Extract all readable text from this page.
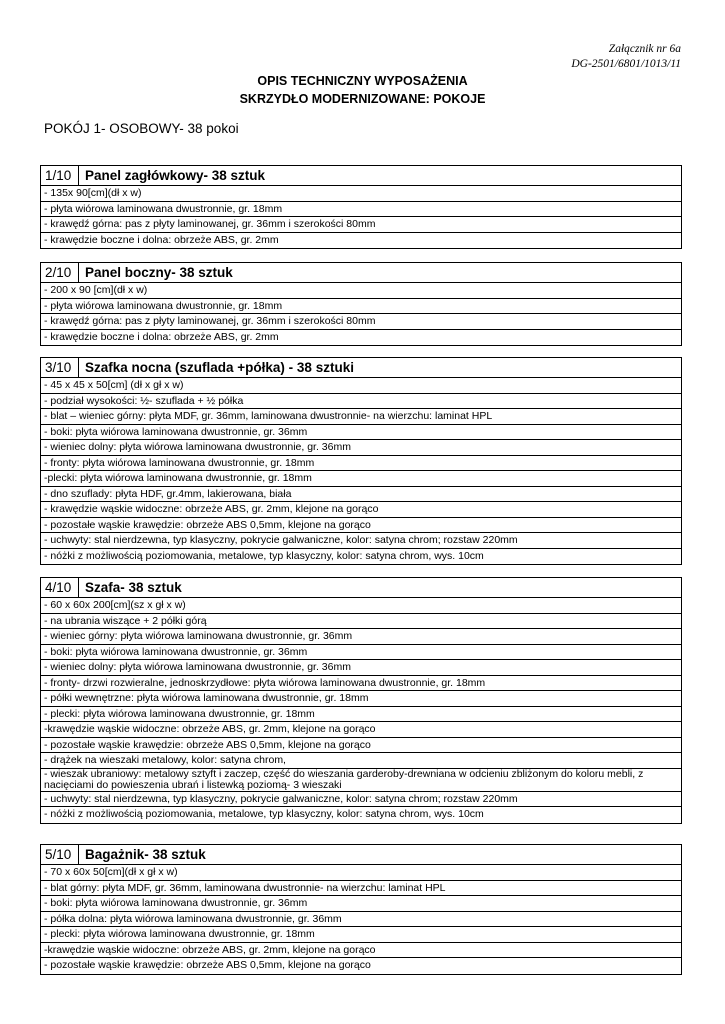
Załącznik nr 6a
DG-2501/6801/1013/11
OPIS TECHNICZNY WYPOSAŻENIA
SKRZYDŁO MODERNIZOWANE: POKOJE
POKÓJ 1- OSOBOWY- 38 pokoi
1/10	Panel zagłówkowy- 38 sztuk
- 135x 90[cm](dł x w)
- płyta wiórowa laminowana dwustronnie, gr. 18mm
- krawędź górna: pas z płyty laminowanej, gr. 36mm i szerokości 80mm
- krawędzie boczne i dolna: obrzeże ABS, gr. 2mm
2/10	Panel boczny- 38 sztuk
- 200 x 90 [cm](dł x w)
- płyta wiórowa laminowana dwustronnie, gr. 18mm
- krawędź górna: pas z płyty laminowanej, gr. 36mm i szerokości 80mm
- krawędzie boczne i dolna: obrzeże ABS, gr. 2mm
3/10	Szafka nocna (szuflada +półka) - 38 sztuki
- 45 x 45 x 50[cm] (dł x gł x w)
- podział wysokości: ½- szuflada + ½ półka
- blat – wieniec górny: płyta MDF, gr. 36mm, laminowana dwustronnie- na wierzchu: laminat HPL
- boki: płyta wiórowa laminowana dwustronnie, gr. 36mm
- wieniec dolny: płyta wiórowa laminowana dwustronnie, gr. 36mm
- fronty: płyta wiórowa laminowana dwustronnie, gr. 18mm
-plecki: płyta wiórowa laminowana dwustronnie, gr. 18mm
- dno szuflady: płyta HDF, gr.4mm, lakierowana, biała
- krawędzie wąskie widoczne: obrzeże ABS, gr. 2mm, klejone na gorąco
- pozostałe wąskie krawędzie: obrzeże ABS 0,5mm, klejone na gorąco
- uchwyty: stal nierdzewna, typ klasyczny, pokrycie galwaniczne, kolor: satyna chrom; rozstaw 220mm
- nóżki z możliwością poziomowania, metalowe, typ klasyczny, kolor: satyna chrom, wys. 10cm
4/10	Szafa- 38 sztuk
- 60 x 60x 200[cm](sz x gł x w)
- na ubrania wiszące + 2 półki górą
- wieniec górny: płyta wiórowa laminowana dwustronnie, gr. 36mm
- boki: płyta wiórowa laminowana dwustronnie, gr. 36mm
- wieniec dolny: płyta wiórowa laminowana dwustronnie, gr. 36mm
- fronty- drzwi rozwieralne, jednoskrzydłowe: płyta wiórowa laminowana dwustronnie, gr. 18mm
- półki wewnętrzne: płyta wiórowa laminowana dwustronnie, gr. 18mm
- plecki: płyta wiórowa laminowana dwustronnie, gr. 18mm
-krawędzie wąskie widoczne: obrzeże ABS, gr. 2mm, klejone na gorąco
- pozostałe wąskie krawędzie: obrzeże ABS 0,5mm, klejone na gorąco
- drążek na wieszaki metalowy, kolor: satyna chrom,
- wieszak ubraniowy: metalowy sztyft i zaczep, część do wieszania garderoby-drewniana w odcieniu zbliżonym do koloru mebli, z nacięciami do powieszenia ubrań i listewką poziomą- 3 wieszaki
- uchwyty: stal nierdzewna, typ klasyczny, pokrycie galwaniczne, kolor: satyna chrom; rozstaw 220mm
- nóżki z możliwością poziomowania, metalowe, typ klasyczny, kolor: satyna chrom, wys. 10cm
5/10	Bagażnik- 38 sztuk
- 70 x 60x 50[cm](dł x gł x w)
- blat górny: płyta MDF, gr. 36mm, laminowana dwustronnie- na wierzchu: laminat HPL
- boki: płyta wiórowa laminowana dwustronnie, gr. 36mm
- półka dolna: płyta wiórowa laminowana dwustronnie, gr. 36mm
- plecki: płyta wiórowa laminowana dwustronnie, gr. 18mm
-krawędzie wąskie widoczne: obrzeże ABS, gr. 2mm, klejone na gorąco
- pozostałe wąskie krawędzie: obrzeże ABS 0,5mm, klejone na gorąco
